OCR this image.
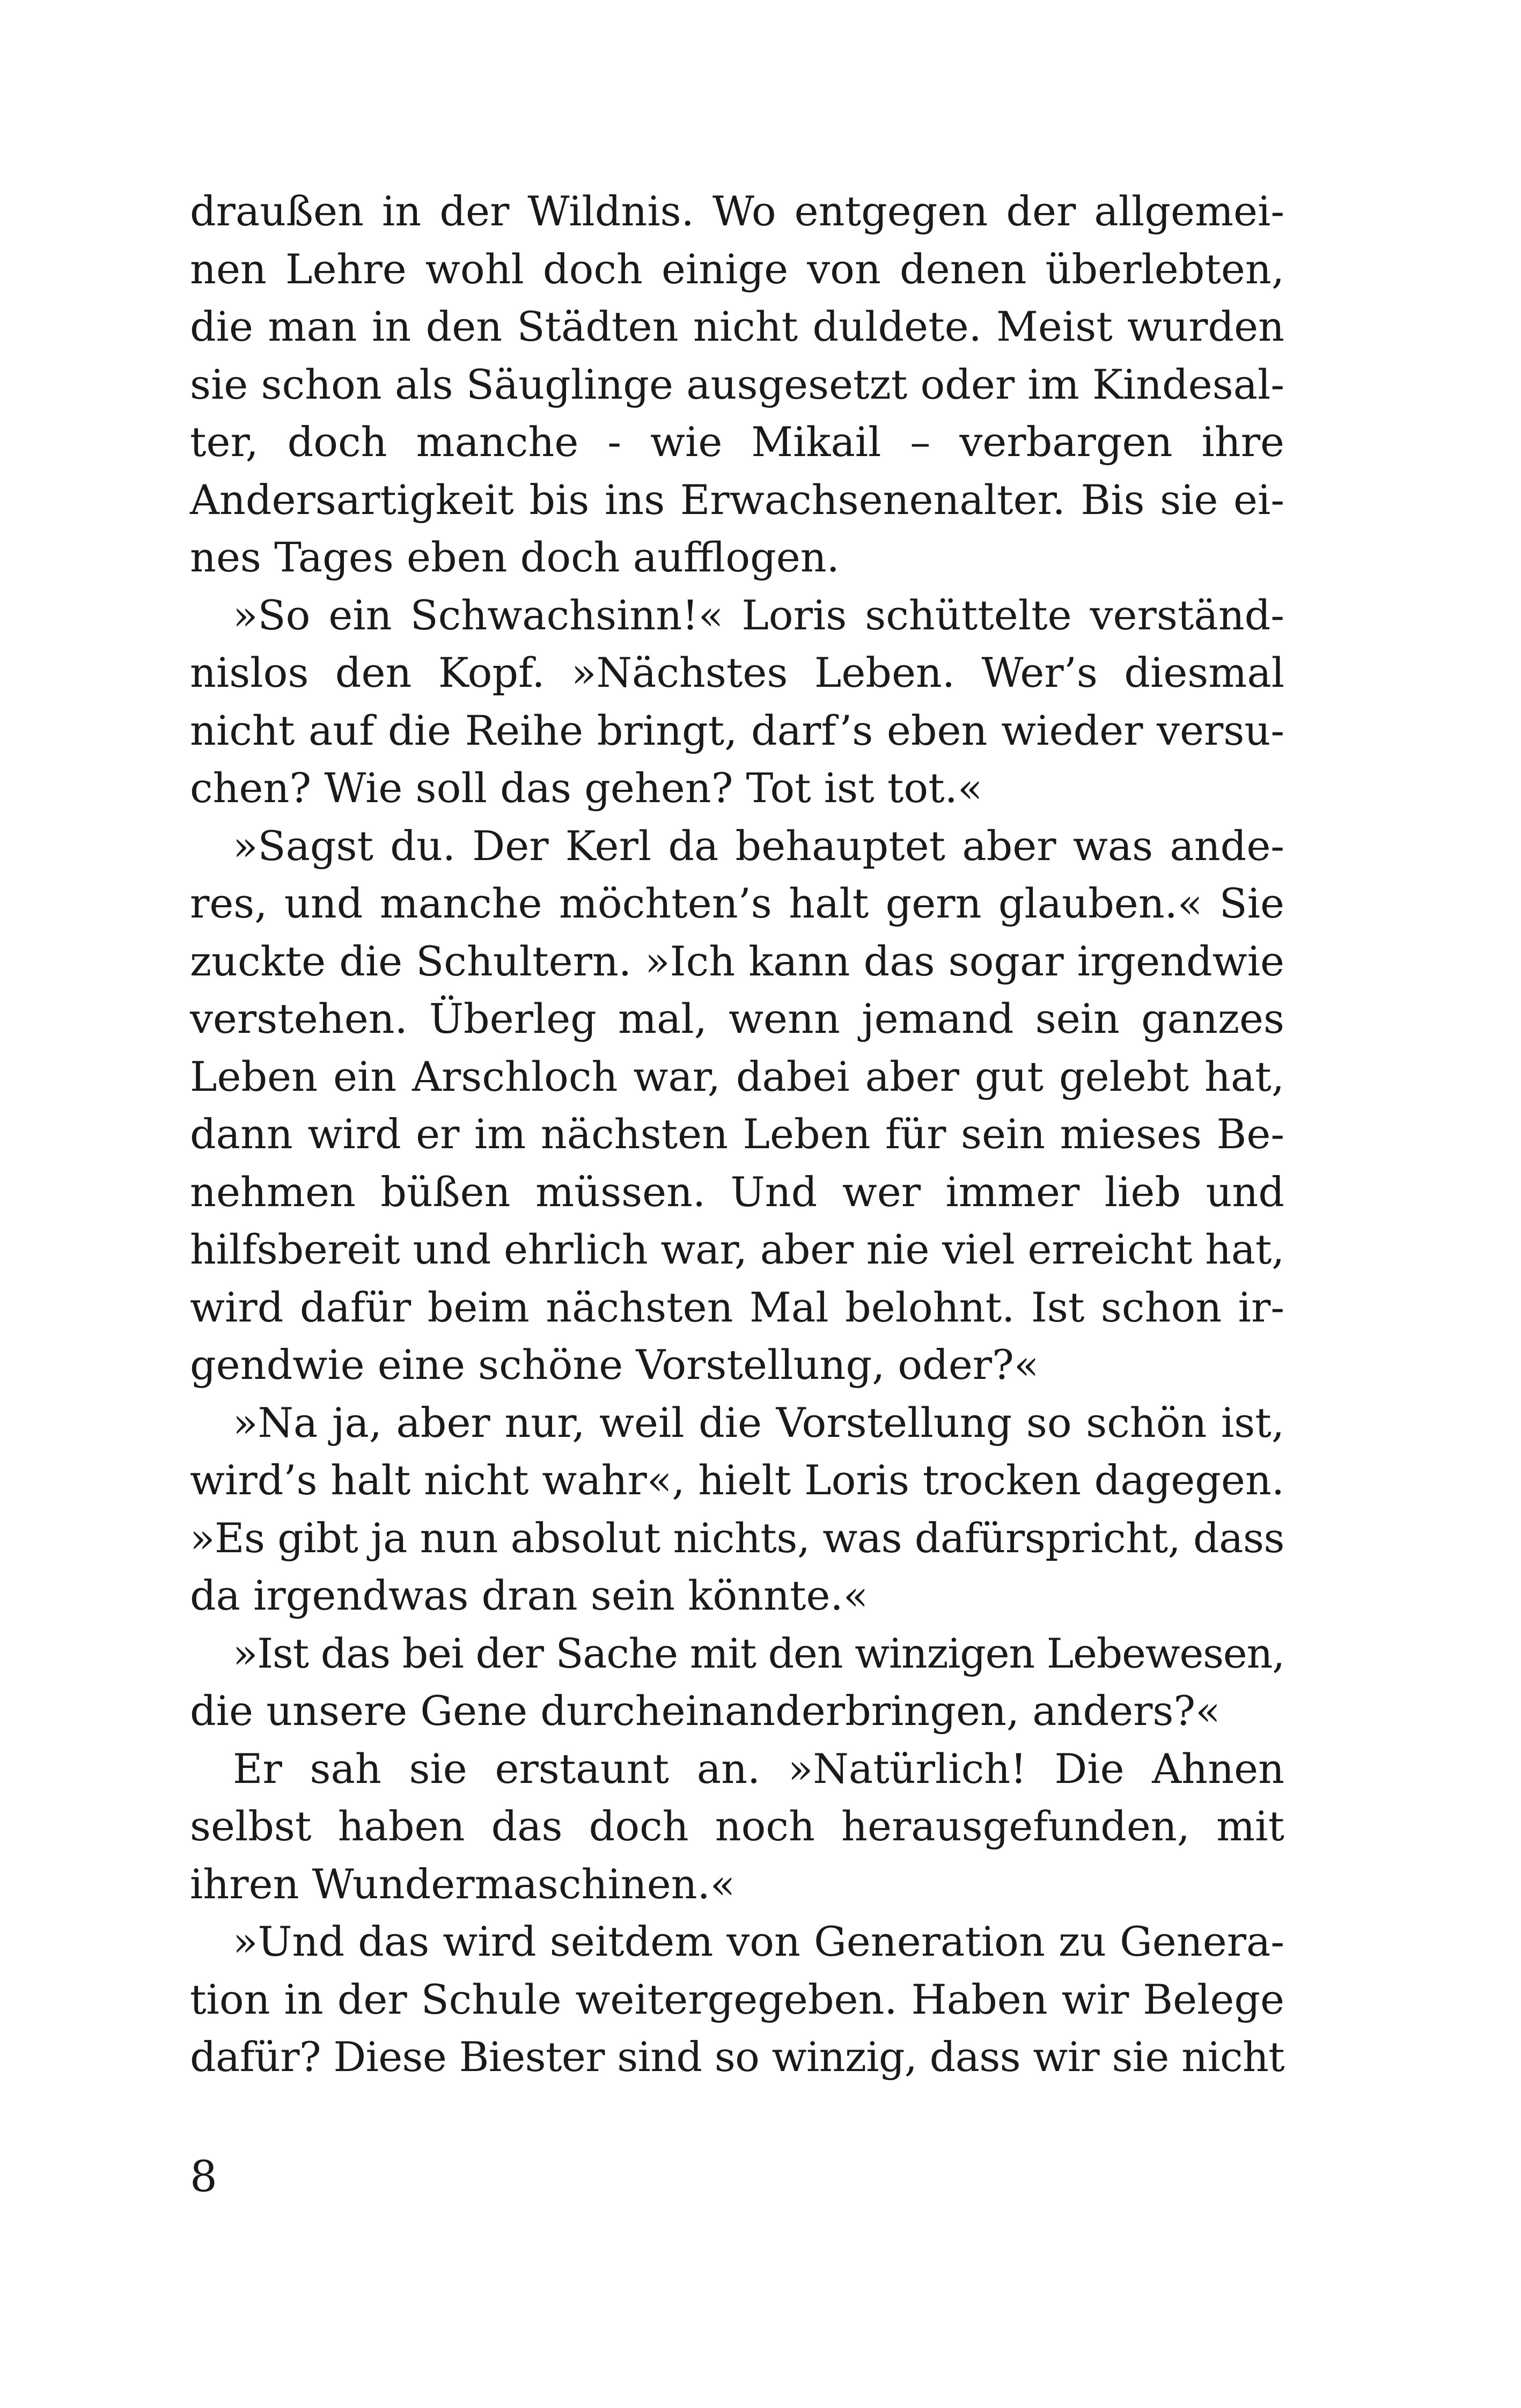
draußen in der Wildnis. Wo entgegen der allgemei-
nen Lehre wohl doch einige von denen überlebten,
die man in den Städten nicht duldete. Meist wurden
sie schon als Säuglinge ausgesetzt oder im Kindesal-
ter, doch manche - wie Mikail – verbargen ihre
Andersartigkeit bis ins Erwachsenenalter. Bis sie ei-
nes Tages eben doch aufflogen.
»So ein Schwachsinn!« Loris schüttelte verständ-
nislos den Kopf. »Nächstes Leben. Wer’s diesmal
nicht auf die Reihe bringt, darf’s eben wieder versu-
chen? Wie soll das gehen? Tot ist tot.«
»Sagst du. Der Kerl da behauptet aber was ande-
res, und manche möchten’s halt gern glauben.« Sie
zuckte die Schultern. »Ich kann das sogar irgendwie
verstehen. Überleg mal, wenn jemand sein ganzes
Leben ein Arschloch war, dabei aber gut gelebt hat,
dann wird er im nächsten Leben für sein mieses Be-
nehmen büßen müssen. Und wer immer lieb und
hilfsbereit und ehrlich war, aber nie viel erreicht hat,
wird dafür beim nächsten Mal belohnt. Ist schon ir-
gendwie eine schöne Vorstellung, oder?«
»Na ja, aber nur, weil die Vorstellung so schön ist,
wird’s halt nicht wahr«, hielt Loris trocken dagegen.
»Es gibt ja nun absolut nichts, was dafürspricht, dass
da irgendwas dran sein könnte.«
»Ist das bei der Sache mit den winzigen Lebewesen,
die unsere Gene durcheinanderbringen, anders?«
Er sah sie erstaunt an. »Natürlich! Die Ahnen
selbst haben das doch noch herausgefunden, mit
ihren Wundermaschinen.«
»Und das wird seitdem von Generation zu Genera-
tion in der Schule weitergegeben. Haben wir Belege
dafür? Diese Biester sind so winzig, dass wir sie nicht
8
